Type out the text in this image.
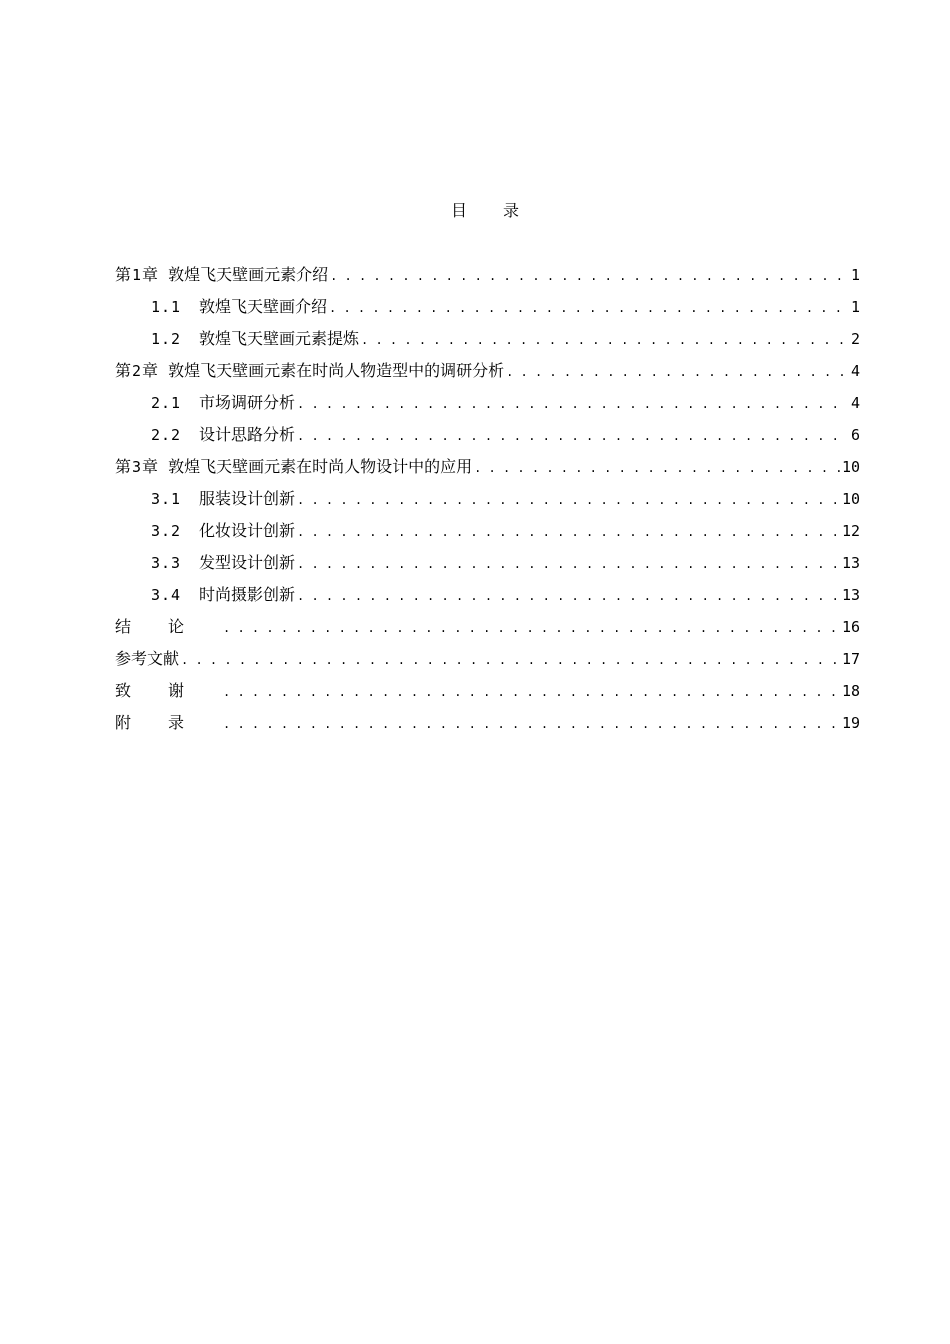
目 录
第1章 敦煌飞天壁画元素介绍 . . .	1
1.1	敦煌飞天壁画介绍 . . .	1
1.2	敦煌飞天壁画元素提炼 . . .	2
第2章 敦煌飞天壁画元素在时尚人物造型中的调研分析 . . .	4
2.1	市场调研分析 . . .	4
2.2	设计思路分析 . . .	6
第3章 敦煌飞天壁画元素在时尚人物设计中的应用 . . .	10
3.1	服装设计创新 . . .	10
3.2	化妆设计创新 . . .	12
3.3	发型设计创新 . . .	13
3.4	时尚摄影创新 . . .	13
结论 . . .	16
参考文献 . . .	17
致谢 . . .	18
附录 . . .	19
